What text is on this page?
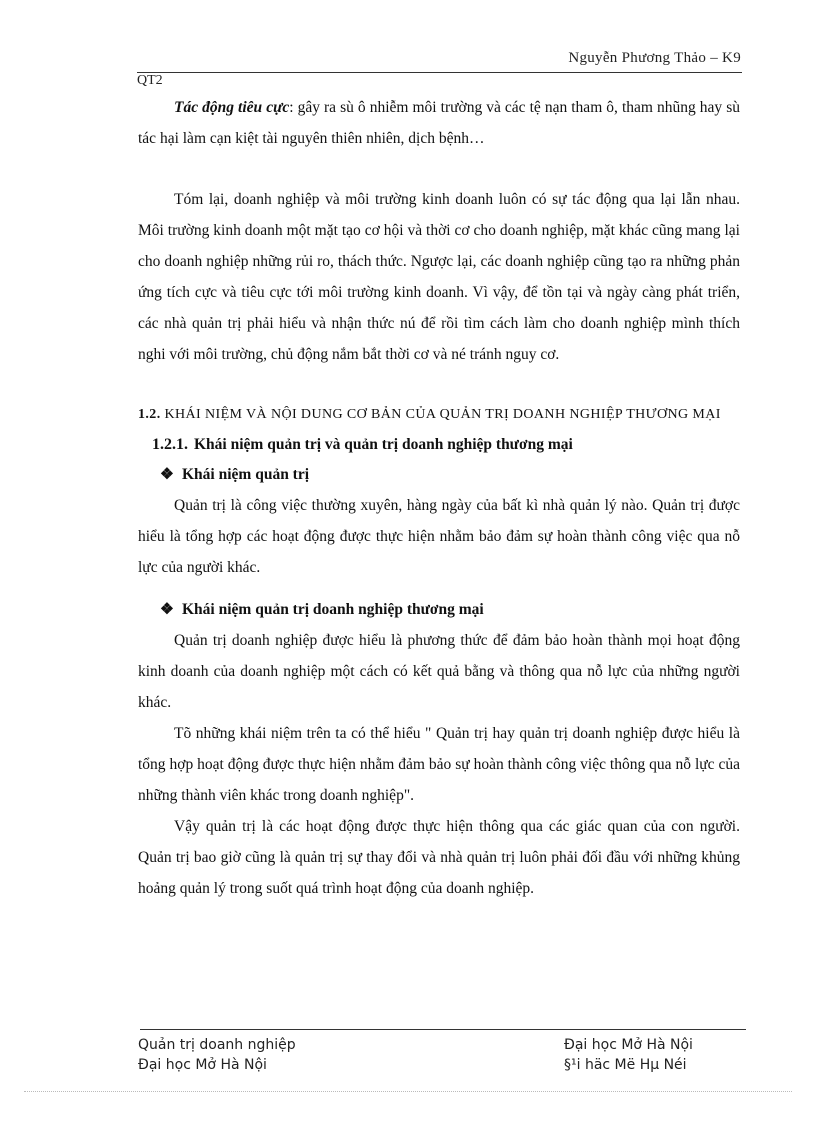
Nguyễn Phương Thảo – K9
QT2

Tác động tiêu cực: gây ra sù ô nhiễm môi trường và các tệ nạn tham ô, tham nhũng hay sù tác hại làm cạn kiệt tài nguyên thiên nhiên, dịch bệnh…

Tóm lại, doanh nghiệp và môi trường kinh doanh luôn có sự tác động qua lại lẫn nhau. Môi trường kinh doanh một mặt tạo cơ hội và thời cơ cho doanh nghiệp, mặt khác cũng mang lại cho doanh nghiệp những rủi ro, thách thức. Ngược lại, các doanh nghiệp cũng tạo ra những phản ứng tích cực và tiêu cực tới môi trường kinh doanh. Vì vậy, để tồn tại và ngày càng phát triển, các nhà quản trị phải hiểu và nhận thức nú để rồi tìm cách làm cho doanh nghiệp mình thích nghi với môi trường, chủ động nắm bắt thời cơ và né tránh nguy cơ.

1.2. KHÁI NIỆM VÀ NỘI DUNG CƠ BẢN CỦA QUẢN TRỊ DOANH NGHIỆP THƯƠNG MẠI

1.2.1. Khái niệm quản trị và quản trị doanh nghiệp thương mại

❖ Khái niệm quản trị

Quản trị là công việc thường xuyên, hàng ngày của bất kì nhà quản lý nào. Quản trị được hiểu là tổng hợp các hoạt động được thực hiện nhằm bảo đảm sự hoàn thành công việc qua nỗ lực của người khác.

❖ Khái niệm quản trị doanh nghiệp thương mại

Quản trị doanh nghiệp được hiểu là phương thức để đảm bảo hoàn thành mọi hoạt động kinh doanh của doanh nghiệp một cách có kết quả bằng và thông qua nỗ lực của những người khác.

Tõ những khái niệm trên ta có thể hiểu " Quản trị hay quản trị doanh nghiệp được hiểu là tổng hợp hoạt động được thực hiện nhằm đảm bảo sự hoàn thành công việc thông qua nỗ lực của những thành viên khác trong doanh nghiệp".

Vậy quản trị là các hoạt động được thực hiện thông qua các giác quan của con người. Quản trị bao giờ cũng là quản trị sự thay đổi và nhà quản trị luôn phải đối đầu với những khủng hoảng quản lý trong suốt quá trình hoạt động của doanh nghiệp.

Quản trị doanh nghiệp	Đại học Mở Hà Nội
Đại học Mở Hà Nội	§¹i häc Më Hµ Néi
